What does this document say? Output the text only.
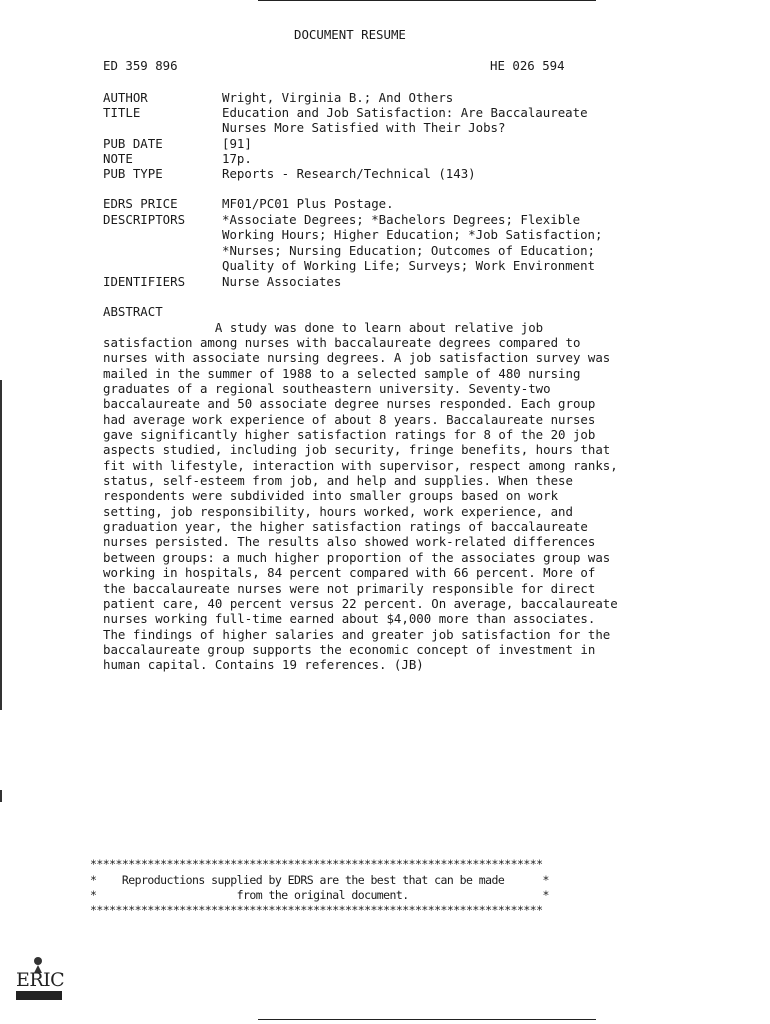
DOCUMENT RESUME
ED 359 896	HE 026 594
AUTHOR	Wright, Virginia B.; And Others
TITLE	Education and Job Satisfaction: Are Baccalaureate
Nurses More Satisfied with Their Jobs?
PUB DATE	[91]
NOTE	17p.
PUB TYPE	Reports - Research/Technical (143)
EDRS PRICE	MF01/PC01 Plus Postage.
DESCRIPTORS	*Associate Degrees; *Bachelors Degrees; Flexible
Working Hours; Higher Education; *Job Satisfaction;
*Nurses; Nursing Education; Outcomes of Education;
Quality of Working Life; Surveys; Work Environment
IDENTIFIERS	Nurse Associates
ABSTRACT
A study was done to learn about relative job
satisfaction among nurses with baccalaureate degrees compared to
nurses with associate nursing degrees. A job satisfaction survey was
mailed in the summer of 1988 to a selected sample of 480 nursing
graduates of a regional southeastern university. Seventy-two
baccalaureate and 50 associate degree nurses responded. Each group
had average work experience of about 8 years. Baccalaureate nurses
gave significantly higher satisfaction ratings for 8 of the 20 job
aspects studied, including job security, fringe benefits, hours that
fit with lifestyle, interaction with supervisor, respect among ranks,
status, self-esteem from job, and help and supplies. When these
respondents were subdivided into smaller groups based on work
setting, job responsibility, hours worked, work experience, and
graduation year, the higher satisfaction ratings of baccalaureate
nurses persisted. The results also showed work-related differences
between groups: a much higher proportion of the associates group was
working in hospitals, 84 percent compared with 66 percent. More of
the baccalaureate nurses were not primarily responsible for direct
patient care, 40 percent versus 22 percent. On average, baccalaureate
nurses working full-time earned about $4,000 more than associates.
The findings of higher salaries and greater job satisfaction for the
baccalaureate group supports the economic concept of investment in
human capital. Contains 19 references. (JB)
***********************************************************************
*    Reproductions supplied by EDRS are the best that can be made      *
*                      from the original document.                     *
***********************************************************************
ERIC
